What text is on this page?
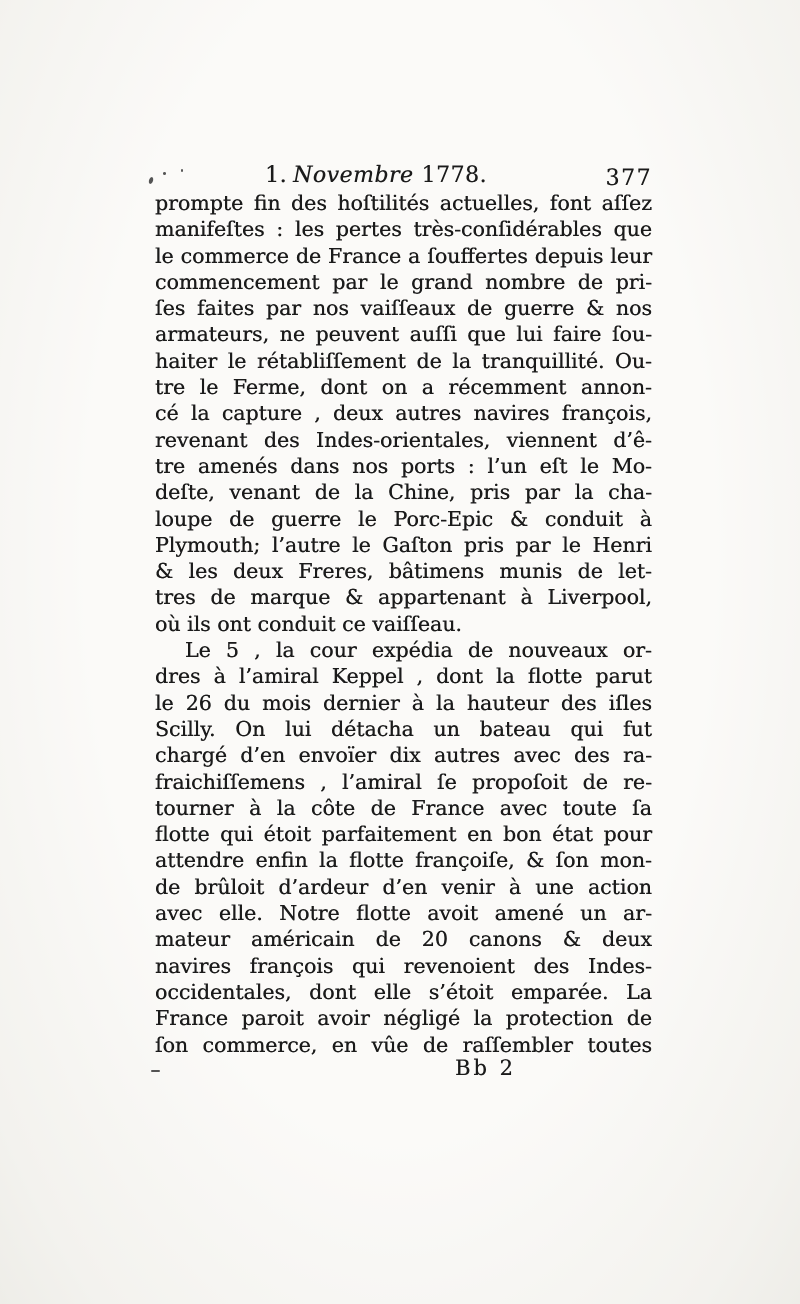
1. Novembre 1778.	377
prompte fin des hoſtilités actuelles, font aſſez
manifeſtes : les pertes très-conſidérables que
le commerce de France a ſouffertes depuis leur
commencement par le grand nombre de pri-
ſes faites par nos vaiſſeaux de guerre & nos
armateurs, ne peuvent auſſi que lui faire ſou-
haiter le rétabliſſement de la tranquillité. Ou-
tre le Ferme, dont on a récemment annon-
cé la capture , deux autres navires françois,
revenant des Indes-orientales, viennent d’ê-
tre amenés dans nos ports : l’un eſt le Mo-
deſte, venant de la Chine, pris par la cha-
loupe de guerre le Porc-Epic & conduit à
Plymouth; l’autre le Gaſton pris par le Henri
& les deux Freres, bâtimens munis de let-
tres de marque & appartenant à Liverpool,
où ils ont conduit ce vaiſſeau.
Le 5 , la cour expédia de nouveaux or-
dres à l’amiral Keppel , dont la flotte parut
le 26 du mois dernier à la hauteur des iſles
Scilly. On lui détacha un bateau qui fut
chargé d’en envoïer dix autres avec des ra-
fraichiſſemens , l’amiral ſe propoſoit de re-
tourner à la côte de France avec toute ſa
flotte qui étoit parfaitement en bon état pour
attendre enfin la flotte françoiſe, & ſon mon-
de brûloit d’ardeur d’en venir à une action
avec elle. Notre flotte avoit amené un ar-
mateur américain de 20 canons & deux
navires françois qui revenoient des Indes-
occidentales, dont elle s’étoit emparée. La
France paroit avoir négligé la protection de
ſon commerce, en vûe de raſſembler toutes
Bb 2
